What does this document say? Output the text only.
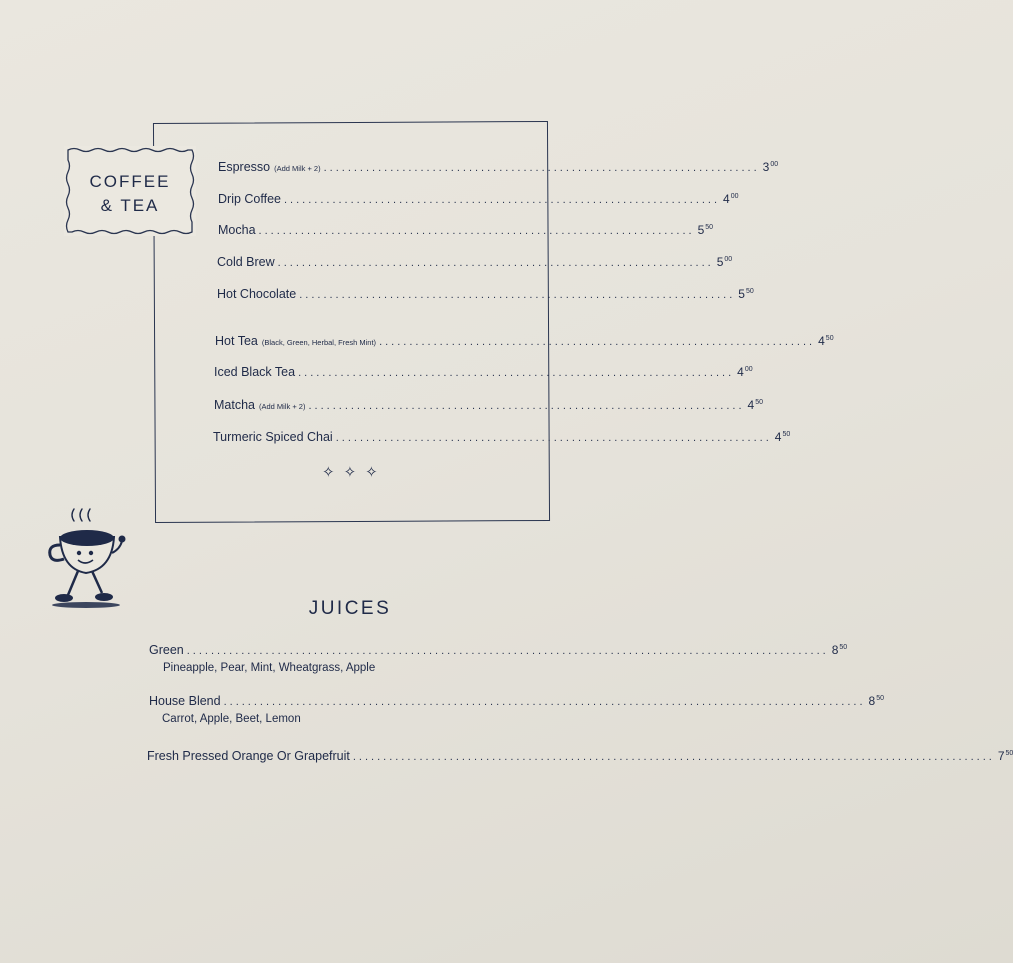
COFFEE
& TEA
Espresso (Add Milk + 2) ........................................................................ $3^{00}$
Drip Coffee ........................................................................ $4^{00}$
Mocha ........................................................................ $5^{50}$
Cold Brew ........................................................................ $5^{00}$
Hot Chocolate ........................................................................ $5^{50}$
Hot Tea (Black, Green, Herbal, Fresh Mint) ........................................................................ $4^{50}$
Iced Black Tea ........................................................................ $4^{00}$
Matcha (Add Milk + 2) ........................................................................ $4^{50}$
Turmeric Spiced Chai ........................................................................ $4^{50}$
✧✧✧
JUICES
Green .......................................................................................................... $8^{50}$
Pineapple, Pear, Mint, Wheatgrass, Apple
House Blend .......................................................................................................... $8^{50}$
Carrot, Apple, Beet, Lemon
Fresh Pressed Orange Or Grapefruit .......................................................................................................... $7^{50}$
